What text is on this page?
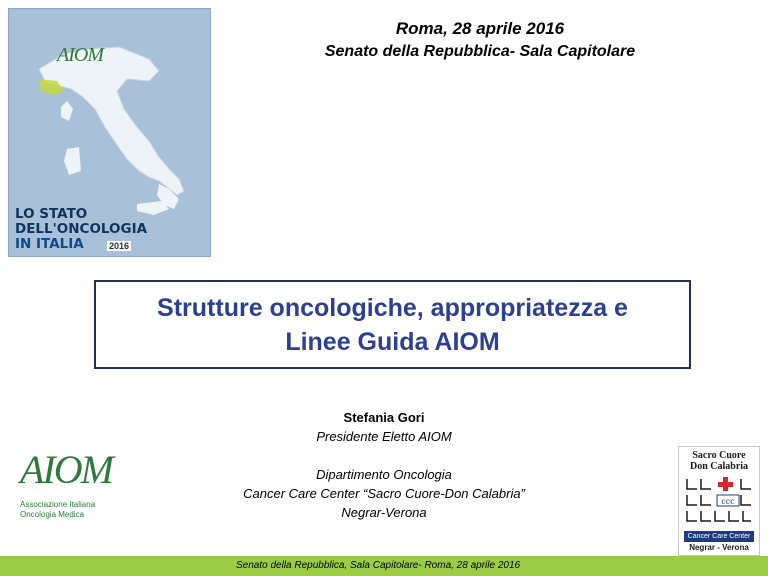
AIOM
LO STATO
DELL'ONCOLOGIA
IN ITALIA	2016
Roma, 28 aprile 2016
Senato della Repubblica- Sala Capitolare
Strutture oncologiche, appropriatezza e
Linee Guida AIOM
Stefania Gori
Presidente Eletto AIOM
Dipartimento Oncologia
Cancer Care Center “Sacro Cuore-Don Calabria”
Negrar-Verona
AIOM
Associazione Italiana
Oncologia Medica
Sacro Cuore
Don Calabria
ccc
Cancer Care Center
Negrar - Verona
Senato della Repubblica, Sala Capitolare- Roma, 28 aprile 2016
